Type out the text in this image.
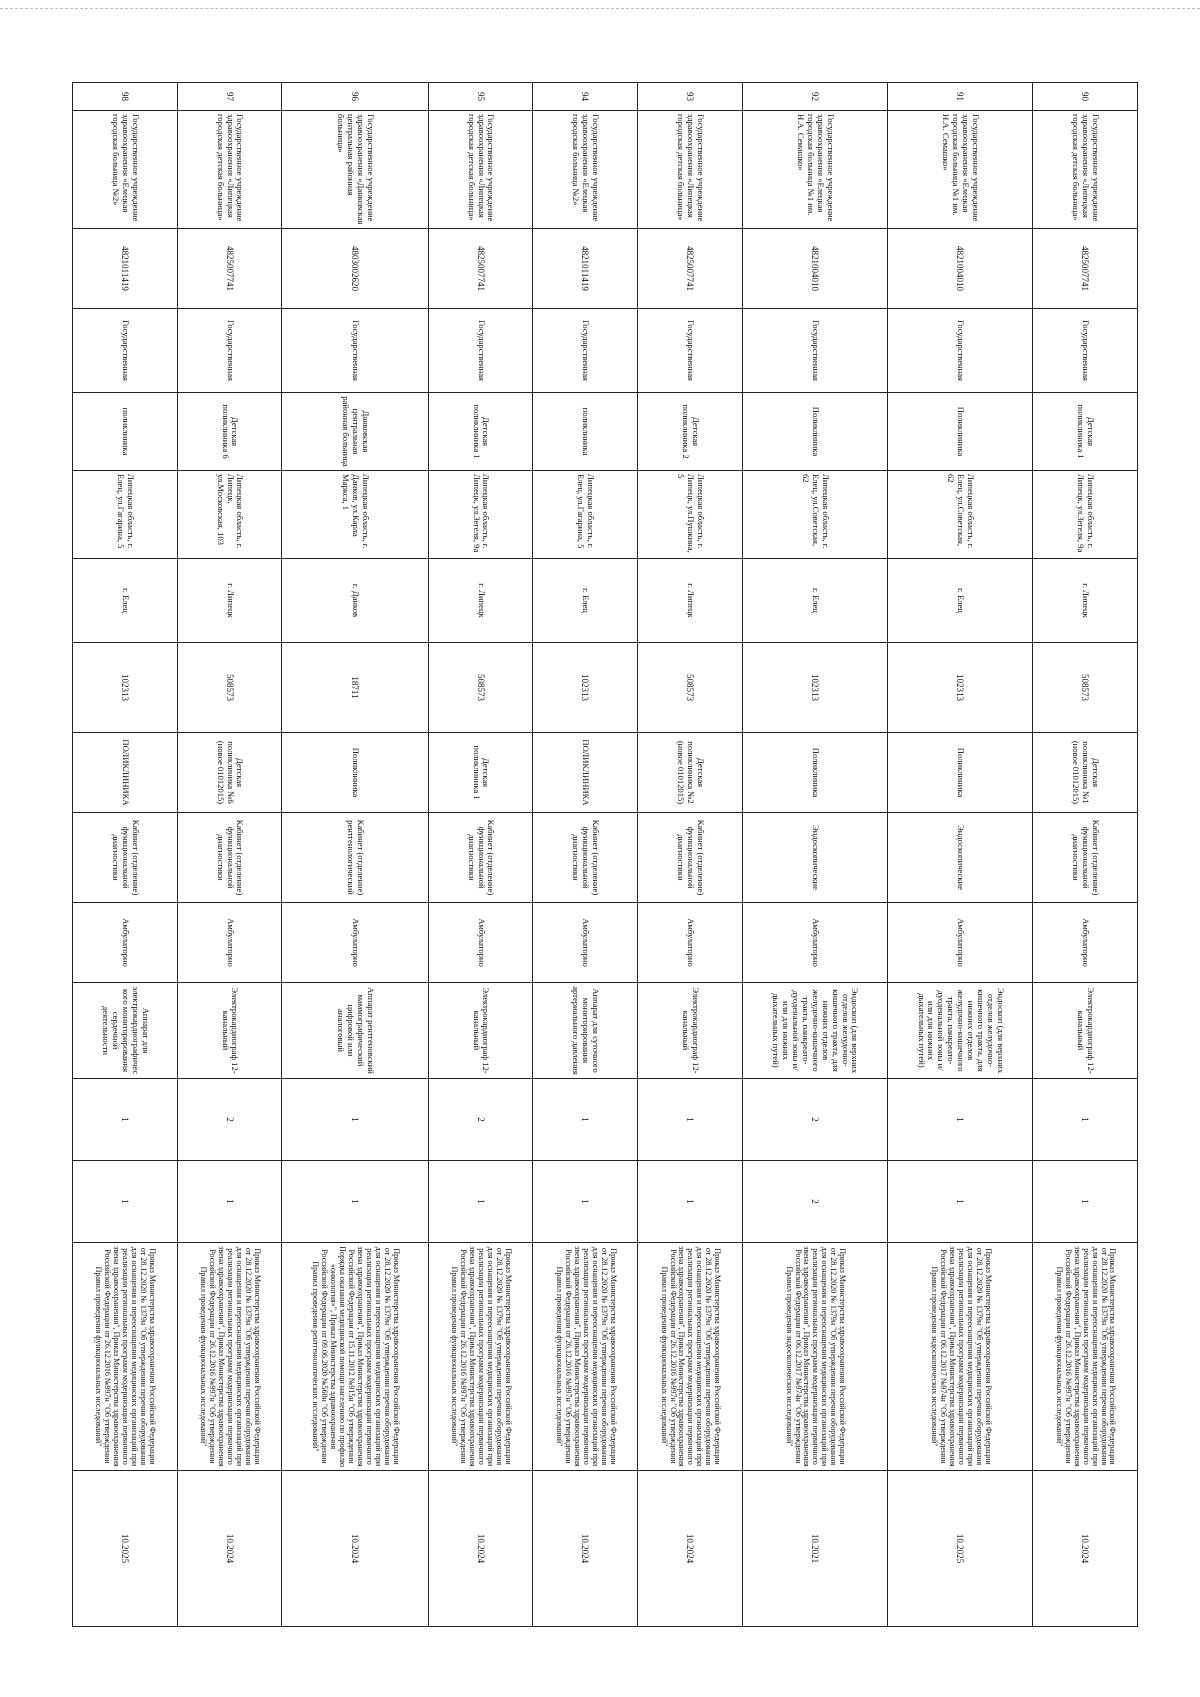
90	Государственное учреждение здравоохранения «Липецкая городская детская больница»	4825007741	Государственная	Детская поликлиника 1	Липецкая область, г. Липецк, ул.Зегеля, 9а	г. Липецк	508573	Детская поликлиника №1 (новое 01012015)	Кабинет (отделение) функциональной диагностики	Амбулаторно	Электрокардиограф 12-канальный	1	1	Приказ Министерства здравоохранения Российской Федерации от 28.12.2020 № 1379н "Об утверждении перечня оборудования для оснащения и переоснащения медицинских организаций при реализации региональных программ модернизации первичного звена здравоохранения", Приказ Министерства здравоохранения Российской Федерации от 26.12.2016 №997н "Об утверждении Правил проведения функциональных исследований"	10.2024
91	Государственное учреждение здравоохранения «Елецкая городская больница №1 им. Н.А. Семашко»	4821004010	Государственная	Поликлиника	Липецкая область, г. Елец, ул.Советская, 62	г. Елец	102313	Поликлиника	Эндоскопические	Амбулаторно	Эндоскоп (для верхних отделов желудочно-кишечного тракта, для нижних отделов желудочно-кишечного тракта, панкреато-дуоденальной зоны и/или для нижних дыхательных путей)	1	1	Приказ Министерства здравоохранения Российской Федерации от 28.12.2020 № 1379н "Об утверждении перечня оборудования для оснащения и переоснащения медицинских организаций при реализации региональных программ модернизации первичного звена здравоохранения", Приказ Министерства здравоохранения Российской Федерации от 06.12.2017 №974н "Об утверждении Правил проведения эндоскопических исследований"	10.2025
92	Государственное учреждение здравоохранения «Елецкая городская больница №1 им. Н.А. Семашко»	4821004010	Государственная	Поликлиника	Липецкая область, г. Елец, ул.Советская, 62	г. Елец	102313	Поликлиника	Эндоскопические	Амбулаторно	Эндоскоп (для верхних отделов желудочно-кишечного тракта, для нижних отделов желудочно-кишечного тракта, панкреато-дуоденальной зоны и/или для нижних дыхательных путей)	2	2	Приказ Министерства здравоохранения Российской Федерации от 28.12.2020 № 1379н "Об утверждении перечня оборудования для оснащения и переоснащения медицинских организаций при реализации региональных программ модернизации первичного звена здравоохранения", Приказ Министерства здравоохранения Российской Федерации от 06.12.2017 №974н "Об утверждении Правил проведения эндоскопических исследований"	10.2021
93	Государственное учреждение здравоохранения «Липецкая городская детская больница»	4825007741	Государственная	Детская поликлиника 2	Липецкая область, г. Липецк, ул.Пушкина, 5	г. Липецк	508573	Детская поликлиника №2 (новое 01012015)	Кабинет (отделение) функциональной диагностики	Амбулаторно	Электрокардиограф 12-канальный	1	1	Приказ Министерства здравоохранения Российской Федерации от 28.12.2020 № 1379н "Об утверждении перечня оборудования для оснащения и переоснащения медицинских организаций при реализации региональных программ модернизации первичного звена здравоохранения", Приказ Министерства здравоохранения Российской Федерации от 26.12.2016 №997н "Об утверждении Правил проведения функциональных исследований"	10.2024
94	Государственное учреждение здравоохранения «Елецкая городская больница №2»	4821011419	Государственная	поликлиника	Липецкая область, г. Елец, ул.Гагарина, 5	г. Елец	102313	ПОЛИКЛИНИКА	Кабинет (отделение) функциональной диагностики	Амбулаторно	Аппарат для суточного мониторирования артериального давления	1	1	Приказ Министерства здравоохранения Российской Федерации от 28.12.2020 № 1379н "Об утверждении перечня оборудования для оснащения и переоснащения медицинских организаций при реализации региональных программ модернизации первичного звена здравоохранения", Приказ Министерства здравоохранения Российской Федерации от 26.12.2016 №997н "Об утверждении Правил проведения функциональных исследований"	10.2024
95	Государственное учреждение здравоохранения «Липецкая городская детская больница»	4825007741	Государственная	Детская поликлиника 1	Липецкая область, г. Липецк, ул.Зегеля, 9а	г. Липецк	508573	Детская поликлиника 1	Кабинет (отделение) функциональной диагностики	Амбулаторно	Электрокардиограф 12-канальный	2	1	Приказ Министерства здравоохранения Российской Федерации от 28.12.2020 № 1379н "Об утверждении перечня оборудования для оснащения и переоснащения медицинских организаций при реализации региональных программ модернизации первичного звена здравоохранения", Приказ Министерства здравоохранения Российской Федерации от 26.12.2016 №997н "Об утверждении Правил проведения функциональных исследований"	10.2024
96	Государственное учреждение здравоохранения «Данковская центральная районная больница»	4803002620	Государственная	Данковская центральная районная больница	Липецкая область, г. Данков, ул.Карла Маркса, 1	г. Данков	18711	Поликлиника	Кабинет (отделение) рентгенологический	Амбулаторно	Аппарат рентгеновский маммографический цифровой или аналоговый	1	1	Приказ Министерства здравоохранения Российской Федерации от 28.12.2020 № 1379н "Об утверждении перечня оборудования для оснащения и переоснащения медицинских организаций при реализации региональных программ модернизации первичного звена здравоохранения", Приказ Министерства здравоохранения Российской Федерации от 15.11.2012 №915н "Об утверждении Порядка оказания медицинской помощи населению по профилю «онкология»", Приказ Министерства здравоохранения Российской Федерации от 09.06.2020 №560н "Об утверждении Правил проведения рентгенологических исследований"	10.2024
97	Государственное учреждение здравоохранения «Липецкая городская детская больница»	4825007741	Государственная	Детская поликлиника 6	Липецкая область, г. Липецк, ул.Московская, 103	г. Липецк	508573	Детская поликлиника №6 (новое 01012015)	Кабинет (отделение) функциональной диагностики	Амбулаторно	Электрокардиограф 12-канальный	2	1	Приказ Министерства здравоохранения Российской Федерации от 28.12.2020 № 1379н "Об утверждении перечня оборудования для оснащения и переоснащения медицинских организаций при реализации региональных программ модернизации первичного звена здравоохранения", Приказ Министерства здравоохранения Российской Федерации от 26.12.2016 №997н "Об утверждении Правил проведения функциональных исследований"	10.2024
98	Государственное учреждение здравоохранения «Елецкая городская больница №2»	4821011419	Государственная	поликлиника	Липецкая область, г. Елец, ул.Гагарина, 5	г. Елец	102313	ПОЛИКЛИНИКА	Кабинет (отделение) функциональной диагностики	Амбулаторно	Аппарат для электрокардиографического мониторирования сердечной деятельности	1	1	Приказ Министерства здравоохранения Российской Федерации от 28.12.2020 № 1379н "Об утверждении перечня оборудования для оснащения и переоснащения медицинских организаций при реализации региональных программ модернизации первичного звена здравоохранения", Приказ Министерства здравоохранения Российской Федерации от 26.12.2016 №997н "Об утверждении Правил проведения функциональных исследований"	10.2025
